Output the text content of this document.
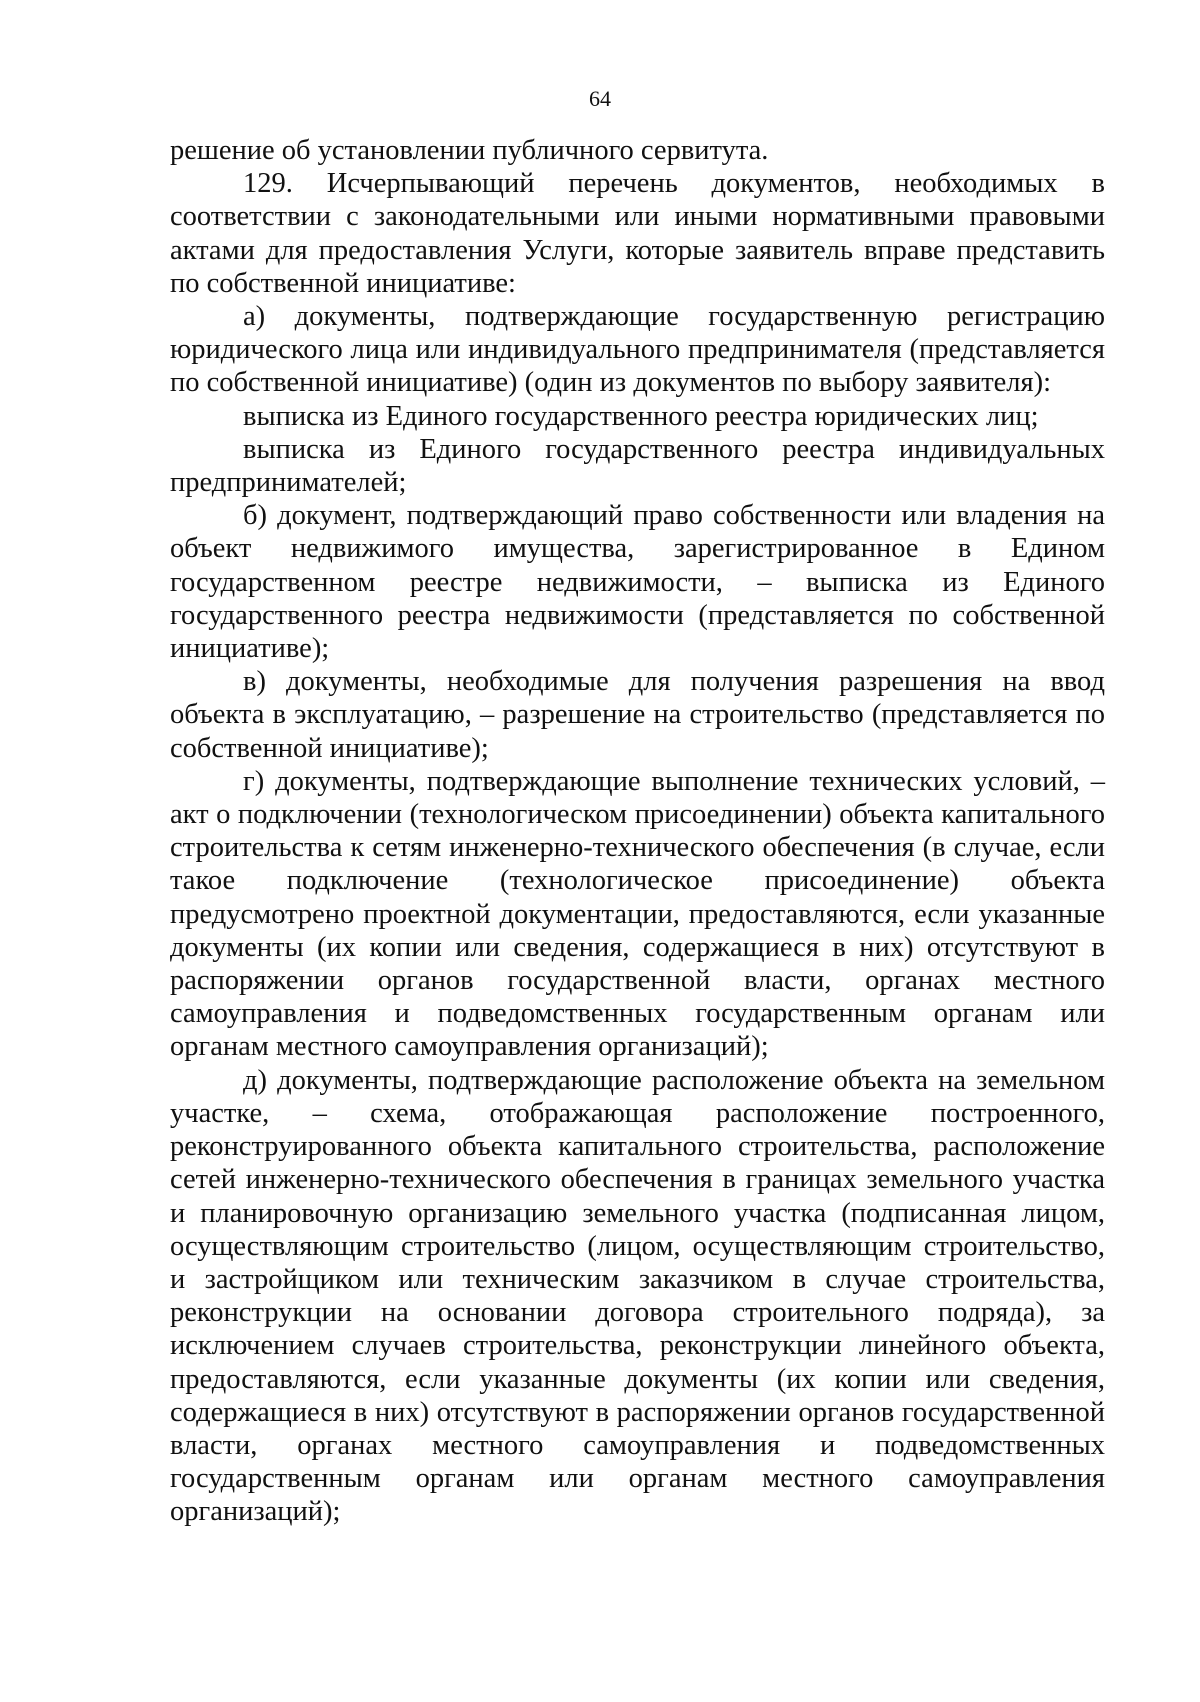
64

решение об установлении публичного сервитута.

129. Исчерпывающий перечень документов, необходимых в соответствии с законодательными или иными нормативными правовыми актами для предоставления Услуги, которые заявитель вправе представить по собственной инициативе:

а) документы, подтверждающие государственную регистрацию юридического лица или индивидуального предпринимателя (представляется по собственной инициативе) (один из документов по выбору заявителя):

выписка из Единого государственного реестра юридических лиц;

выписка из Единого государственного реестра индивидуальных предпринимателей;

б) документ, подтверждающий право собственности или владения на объект недвижимого имущества, зарегистрированное в Едином государственном реестре недвижимости, – выписка из Единого государственного реестра недвижимости (представляется по собственной инициативе);

в) документы, необходимые для получения разрешения на ввод объекта в эксплуатацию, – разрешение на строительство (представляется по собственной инициативе);

г) документы, подтверждающие выполнение технических условий, – акт о подключении (технологическом присоединении) объекта капитального строительства к сетям инженерно-технического обеспечения (в случае, если такое подключение (технологическое присоединение) объекта предусмотрено проектной документации, предоставляются, если указанные документы (их копии или сведения, содержащиеся в них) отсутствуют в распоряжении органов государственной власти, органах местного самоуправления и подведомственных государственным органам или органам местного самоуправления организаций);

д) документы, подтверждающие расположение объекта на земельном участке, – схема, отображающая расположение построенного, реконструированного объекта капитального строительства, расположение сетей инженерно-технического обеспечения в границах земельного участка и планировочную организацию земельного участка (подписанная лицом, осуществляющим строительство (лицом, осуществляющим строительство, и застройщиком или техническим заказчиком в случае строительства, реконструкции на основании договора строительного подряда), за исключением случаев строительства, реконструкции линейного объекта, предоставляются, если указанные документы (их копии или сведения, содержащиеся в них) отсутствуют в распоряжении органов государственной власти, органах местного самоуправления и подведомственных государственным органам или органам местного самоуправления организаций);
